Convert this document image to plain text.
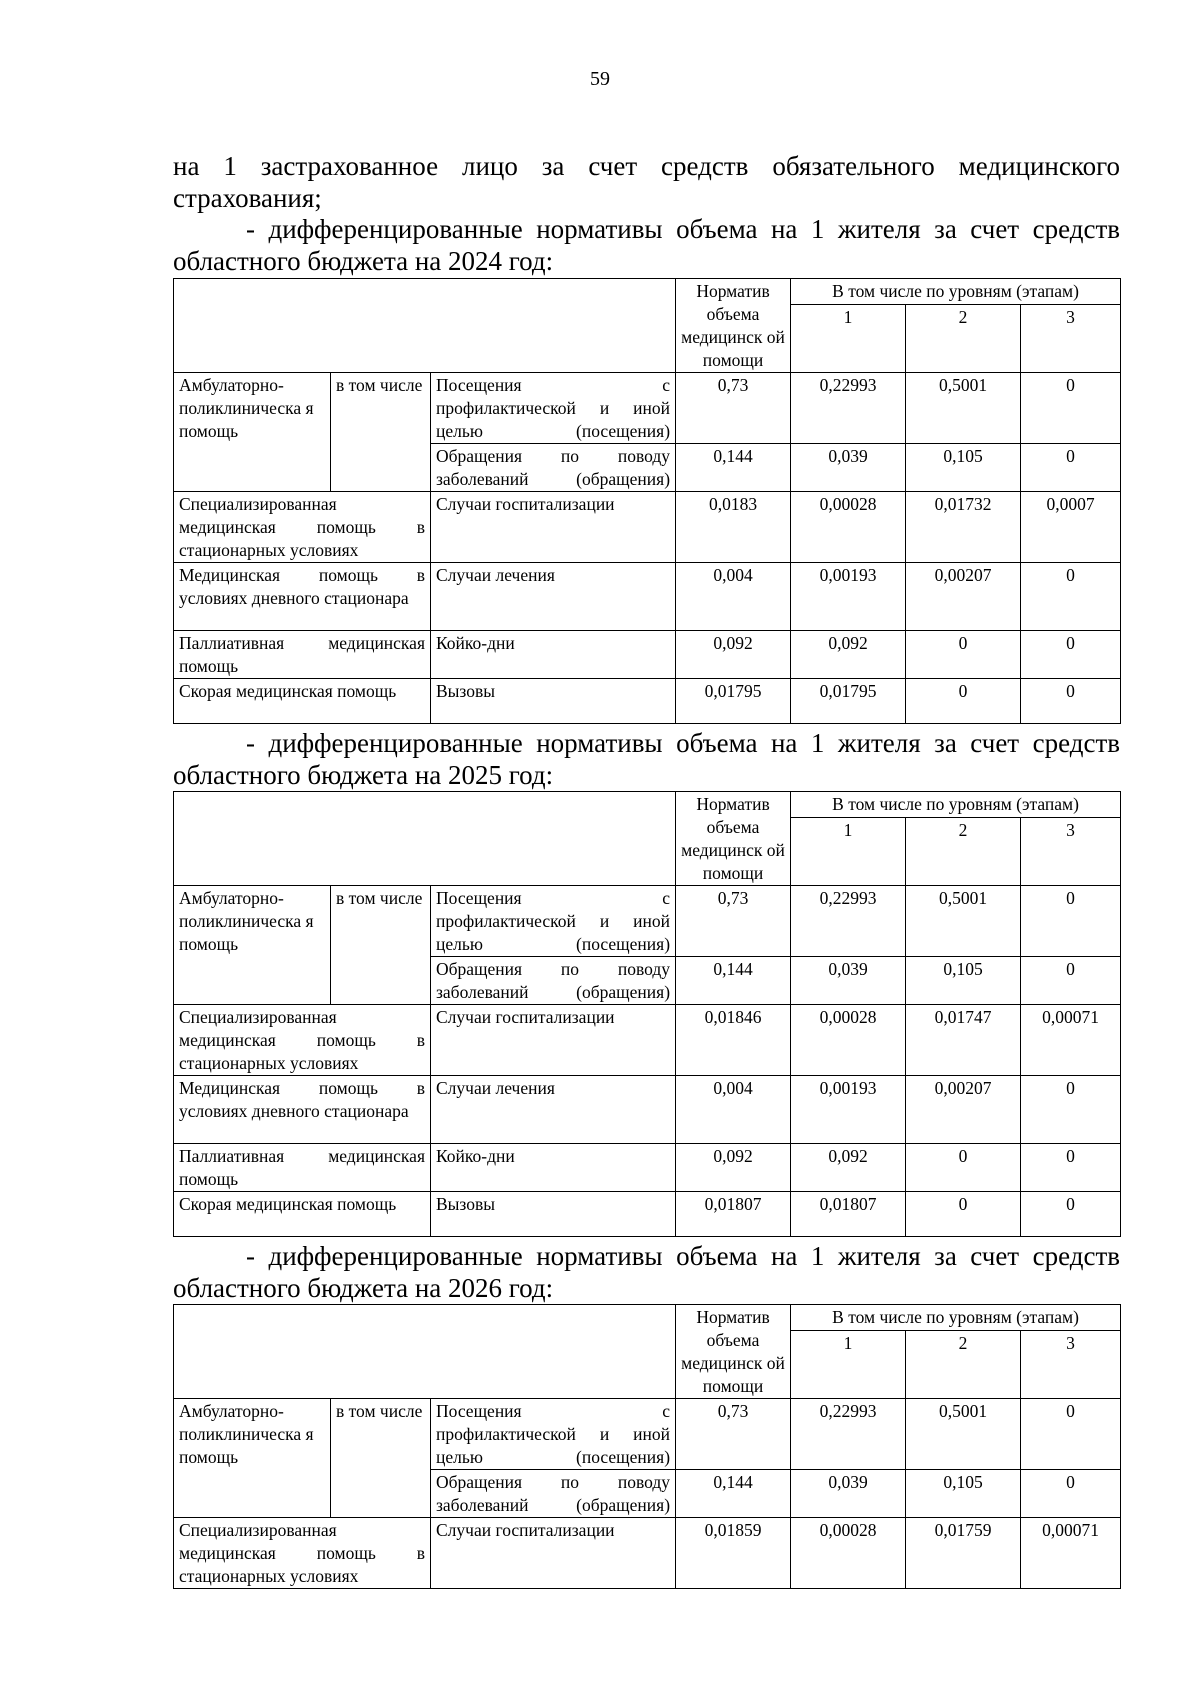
59
на 1 застрахованное лицо за счет средств обязательного медицинского
страхования;
- дифференцированные нормативы объема на 1 жителя за счет средств
областного бюджета на 2024 год:
			Норматив объема медицинск ой помощи	В том числе по уровням (этапам)		
				1	2	3
Амбулаторно-поликлиническа я помощь	в том числе	Посещения с профилактической и иной целью (посещения)	0,73	0,22993	0,5001	0
		Обращения по поводу заболеваний (обращения)	0,144	0,039	0,105	0
Специализированная медицинская помощь в стационарных условиях		Случаи госпитализации	0,0183	0,00028	0,01732	0,0007
Медицинская помощь в условиях дневного стационара		Случаи лечения	0,004	0,00193	0,00207	0
Паллиативная медицинская помощь		Койко-дни	0,092	0,092	0	0
Скорая медицинская помощь		Вызовы	0,01795	0,01795	0	0
- дифференцированные нормативы объема на 1 жителя за счет средств
областного бюджета на 2025 год:
			Норматив объема медицинск ой помощи	В том числе по уровням (этапам)		
				1	2	3
Амбулаторно-поликлиническа я помощь	в том числе	Посещения с профилактической и иной целью (посещения)	0,73	0,22993	0,5001	0
		Обращения по поводу заболеваний (обращения)	0,144	0,039	0,105	0
Специализированная медицинская помощь в стационарных условиях		Случаи госпитализации	0,01846	0,00028	0,01747	0,00071
Медицинская помощь в условиях дневного стационара		Случаи лечения	0,004	0,00193	0,00207	0
Паллиативная медицинская помощь		Койко-дни	0,092	0,092	0	0
Скорая медицинская помощь		Вызовы	0,01807	0,01807	0	0
- дифференцированные нормативы объема на 1 жителя за счет средств
областного бюджета на 2026 год:
			Норматив объема медицинск ой помощи	В том числе по уровням (этапам)		
				1	2	3
Амбулаторно-поликлиническа я помощь	в том числе	Посещения с профилактической и иной целью (посещения)	0,73	0,22993	0,5001	0
		Обращения по поводу заболеваний (обращения)	0,144	0,039	0,105	0
Специализированная медицинская помощь в стационарных условиях		Случаи госпитализации	0,01859	0,00028	0,01759	0,00071
